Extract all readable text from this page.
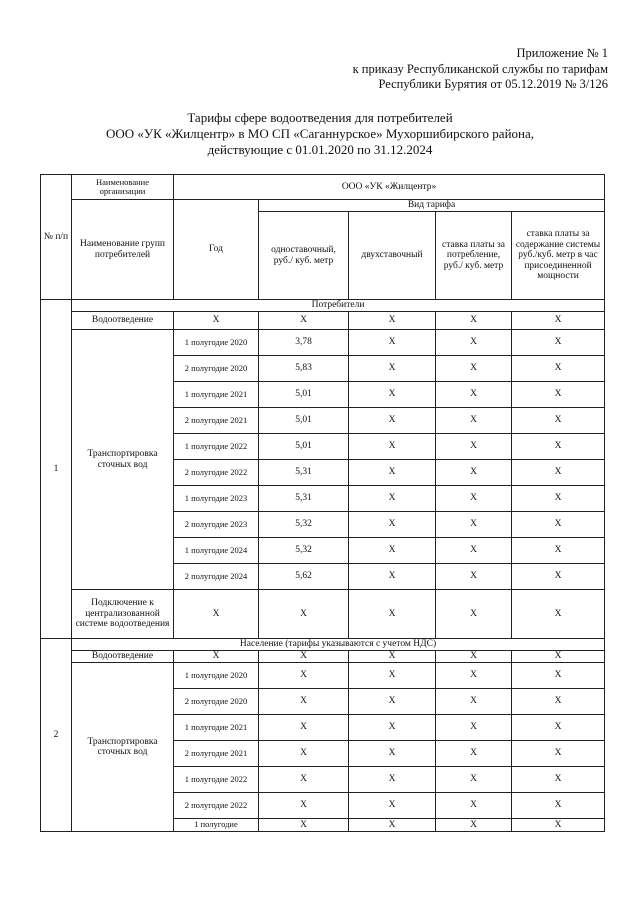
Приложение № 1
к приказу Республиканской службы по тарифам
Республики Бурятия от 05.12.2019 № 3/126
Тарифы сфере водоотведения для потребителей
ООО «УК «Жилцентр» в МО СП «Саганнурское» Мухоршибирского района,
действующие с 01.01.2020 по 31.12.2024
№ п/п	Наименование организации	ООО «УК «Жилцентр»				
	Наименование групп потребителей	Год	Вид тарифа			
			одноставочный, руб./ куб. метр	двухставочный	ставка платы за потребление, руб./ куб. метр	ставка платы за содержание системы руб./куб. метр в час присоединенной мощности
1	Потребители					
	Водоотведение	X	X	X	X	X
	Транспортировка сточных вод	1 полугодие 2020	3,78	X	X	X
		2 полугодие 2020	5,83	X	X	X
		1 полугодие 2021	5,01	X	X	X
		2 полугодие 2021	5,01	X	X	X
		1 полугодие 2022	5,01	X	X	X
		2 полугодие 2022	5,31	X	X	X
		1 полугодие 2023	5,31	X	X	X
		2 полугодие 2023	5,32	X	X	X
		1 полугодие 2024	5,32	X	X	X
		2 полугодие 2024	5,62	X	X	X
	Подключение к централизованной системе водоотведения	X	X	X	X	X
2	Население (тарифы указываются с учетом НДС)					
	Водоотведение	X	X	X	X	X
	Транспортировка сточных вод	1 полугодие 2020	X	X	X	X
		2 полугодие 2020	X	X	X	X
		1 полугодие 2021	X	X	X	X
		2 полугодие 2021	X	X	X	X
		1 полугодие 2022	X	X	X	X
		2 полугодие 2022	X	X	X	X
		1 полугодие	X	X	X	X
